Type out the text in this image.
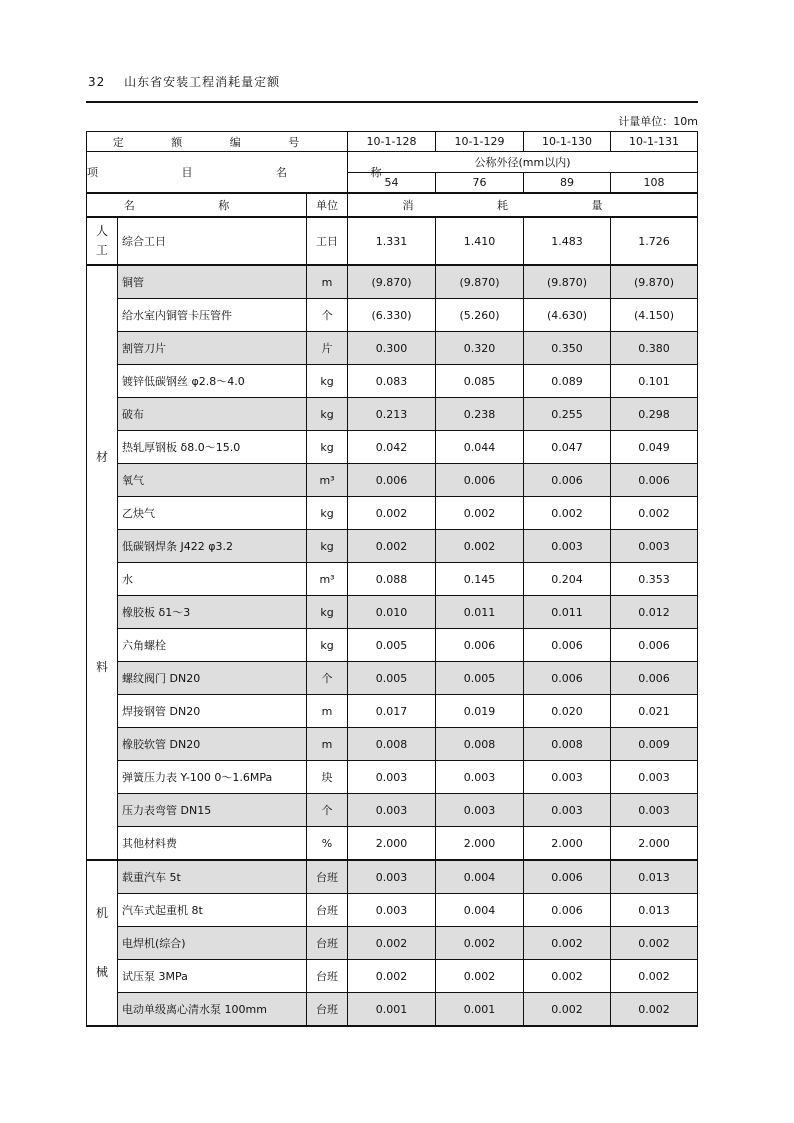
32 山东省安装工程消耗量定额
计量单位：10m
定 额 编 号			10-1-128	10-1-129	10-1-130	10-1-131
项 目 名 称			公称外径(mm以内)			
			54	76	89	108
名 称		单位	消 耗 量			
人工	综合工日	工日	1.331	1.410	1.483	1.726

材
料	铜管	m	(9.870)	(9.870)	(9.870)	(9.870)
	给水室内铜管卡压管件	个	(6.330)	(5.260)	(4.630)	(4.150)
	割管刀片	片	0.300	0.320	0.350	0.380
	镀锌低碳钢丝 φ2.8～4.0	kg	0.083	0.085	0.089	0.101
	破布	kg	0.213	0.238	0.255	0.298
	热轧厚钢板 δ8.0～15.0	kg	0.042	0.044	0.047	0.049
	氧气	m³	0.006	0.006	0.006	0.006
	乙炔气	kg	0.002	0.002	0.002	0.002
	低碳钢焊条 J422 φ3.2	kg	0.002	0.002	0.003	0.003
	水	m³	0.088	0.145	0.204	0.353
	橡胶板 δ1～3	kg	0.010	0.011	0.011	0.012
	六角螺栓	kg	0.005	0.006	0.006	0.006
	螺纹阀门 DN20	个	0.005	0.005	0.006	0.006
	焊接钢管 DN20	m	0.017	0.019	0.020	0.021
	橡胶软管 DN20	m	0.008	0.008	0.008	0.009
	弹簧压力表 Y-100 0～1.6MPa	块	0.003	0.003	0.003	0.003
	压力表弯管 DN15	个	0.003	0.003	0.003	0.003
	其他材料费	%	2.000	2.000	2.000	2.000

机
械	载重汽车 5t	台班	0.003	0.004	0.006	0.013
	汽车式起重机 8t	台班	0.003	0.004	0.006	0.013
	电焊机(综合)	台班	0.002	0.002	0.002	0.002
	试压泵 3MPa	台班	0.002	0.002	0.002	0.002
	电动单级离心清水泵 100mm	台班	0.001	0.001	0.002	0.002
